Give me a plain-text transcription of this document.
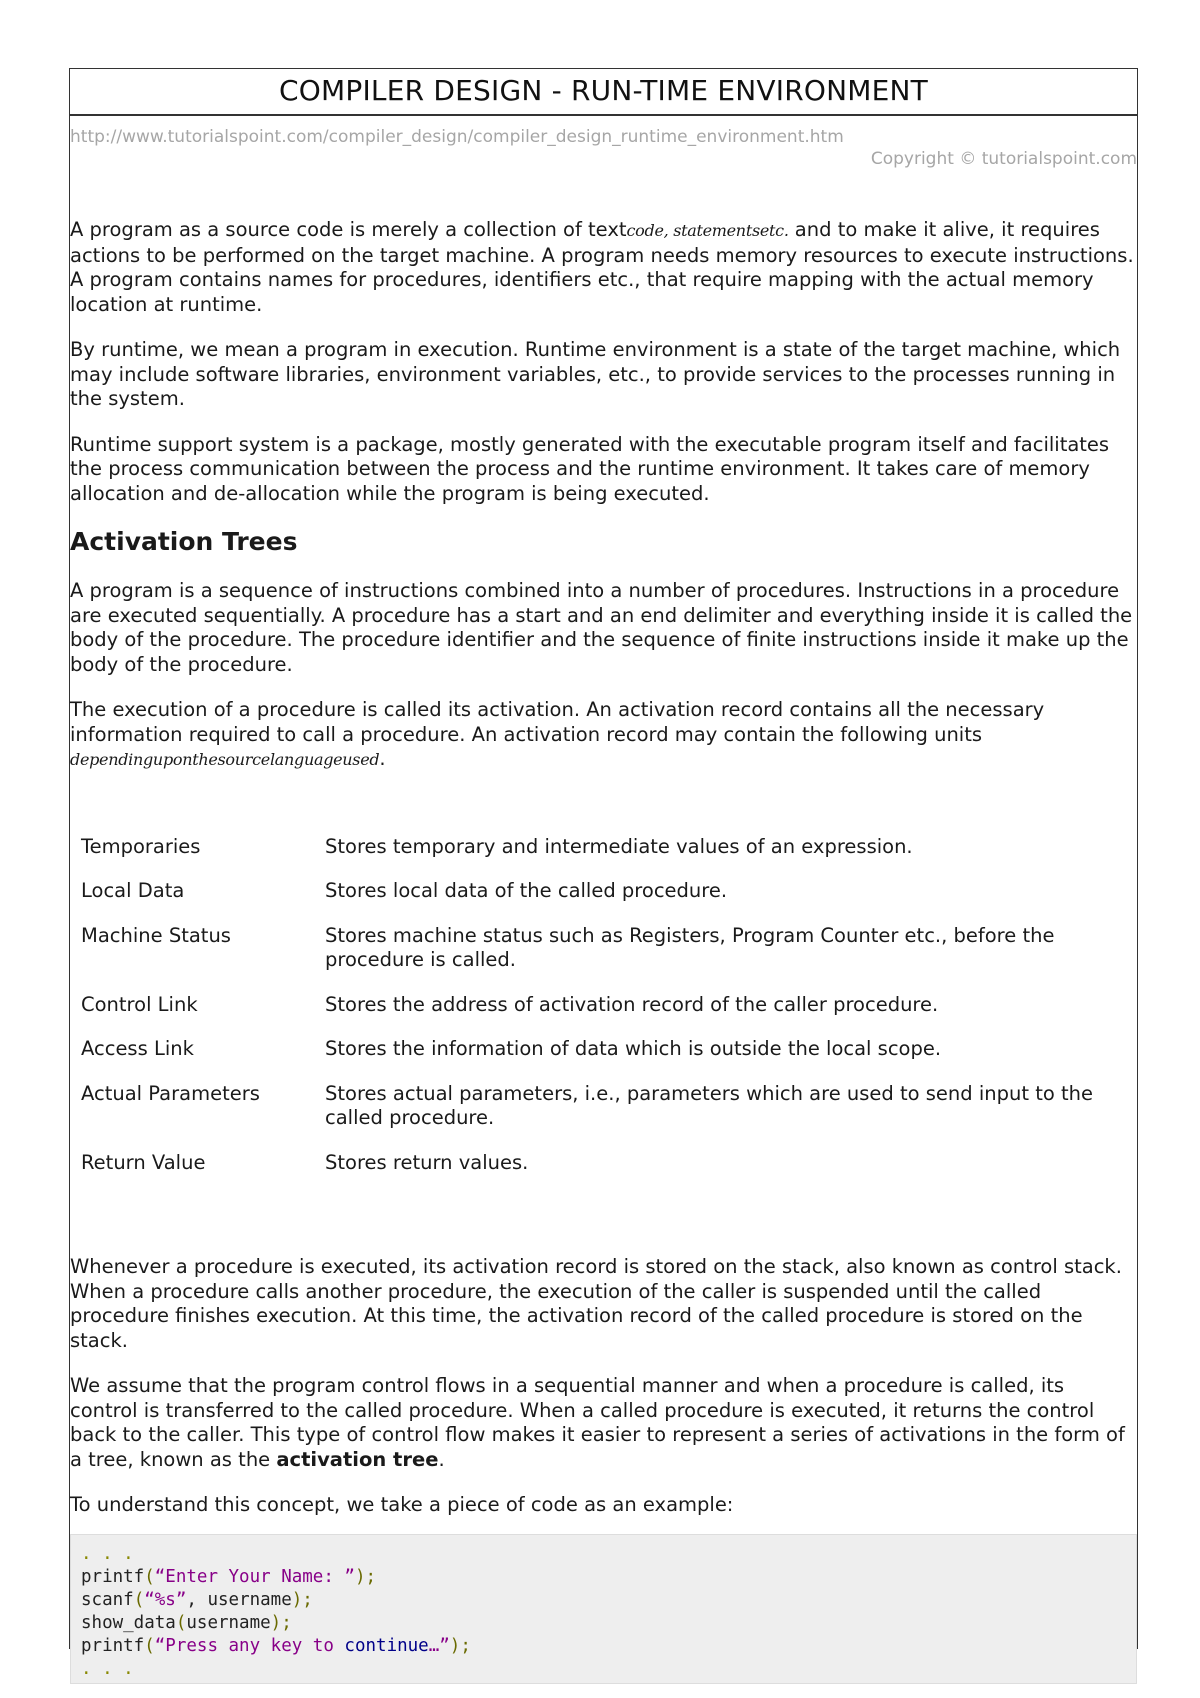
COMPILER DESIGN - RUN-TIME ENVIRONMENT
http://www.tutorialspoint.com/compiler_design/compiler_design_runtime_environment.htm
Copyright © tutorialspoint.com

A program as a source code is merely a collection of textcode, statementsetc. and to make it alive, it requires actions to be performed on the target machine. A program needs memory resources to execute instructions. A program contains names for procedures, identifiers etc., that require mapping with the actual memory location at runtime.

By runtime, we mean a program in execution. Runtime environment is a state of the target machine, which may include software libraries, environment variables, etc., to provide services to the processes running in the system.

Runtime support system is a package, mostly generated with the executable program itself and facilitates the process communication between the process and the runtime environment. It takes care of memory allocation and de-allocation while the program is being executed.

Activation Trees

A program is a sequence of instructions combined into a number of procedures. Instructions in a procedure are executed sequentially. A procedure has a start and an end delimiter and everything inside it is called the body of the procedure. The procedure identifier and the sequence of finite instructions inside it make up the body of the procedure.

The execution of a procedure is called its activation. An activation record contains all the necessary information required to call a procedure. An activation record may contain the following units dependinguponthesourcelanguageused.

Temporaries	Stores temporary and intermediate values of an expression.
Local Data	Stores local data of the called procedure.
Machine Status	Stores machine status such as Registers, Program Counter etc., before the procedure is called.
Control Link	Stores the address of activation record of the caller procedure.
Access Link	Stores the information of data which is outside the local scope.
Actual Parameters	Stores actual parameters, i.e., parameters which are used to send input to the called procedure.
Return Value	Stores return values.

Whenever a procedure is executed, its activation record is stored on the stack, also known as control stack. When a procedure calls another procedure, the execution of the caller is suspended until the called procedure finishes execution. At this time, the activation record of the called procedure is stored on the stack.

We assume that the program control flows in a sequential manner and when a procedure is called, its control is transferred to the called procedure. When a called procedure is executed, it returns the control back to the caller. This type of control flow makes it easier to represent a series of activations in the form of a tree, known as the activation tree.

To understand this concept, we take a piece of code as an example:

. . .
printf(“Enter Your Name: ”);
scanf(“%s”, username);
show_data(username);
printf(“Press any key to continue…”);
. . .
